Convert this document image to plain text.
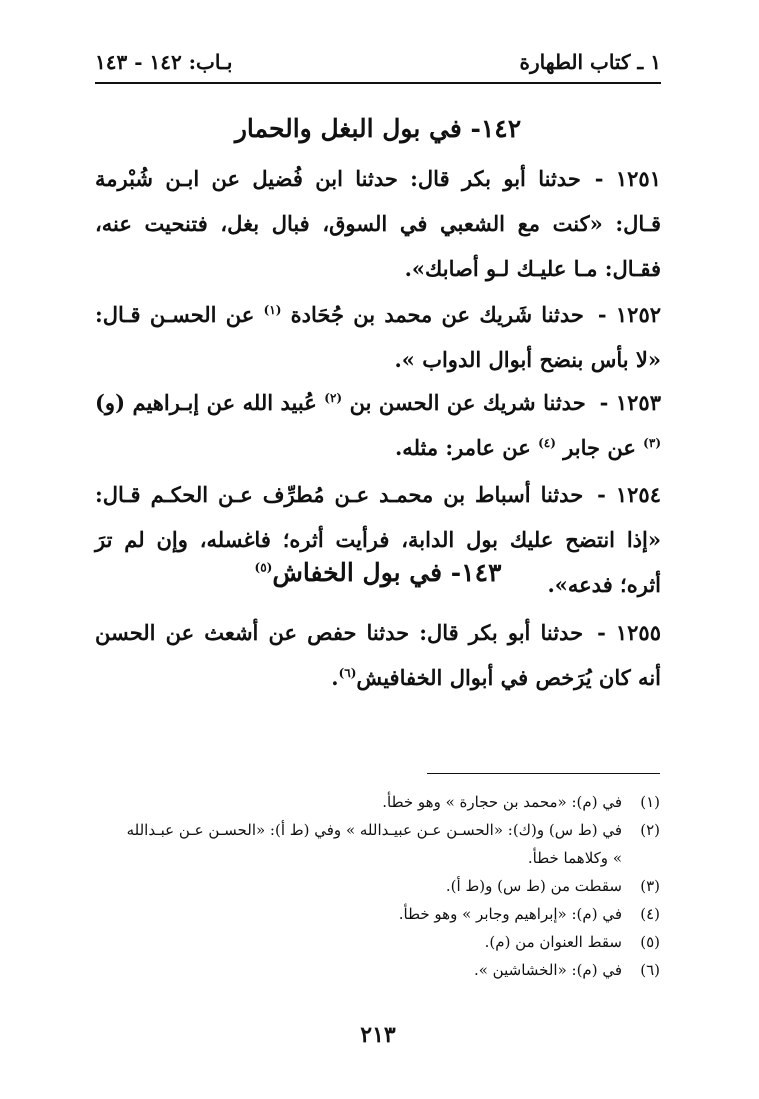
١ ـ كتاب الطهارة
بـاب: ١٤٢ - ١٤٣
١٤٢- في بول البغل والحمار
١٢٥١ -حدثنا أبو بكر قال: حدثنا ابن فُضيل عن ابـن شُبْرمة قـال: «كنت مع الشعبي في السوق، فبال بغل، فتنحيت عنه، فقـال: مـا عليـك لـو أصابك».
١٢٥٢ -حدثنا شَريك عن محمد بن جُحَادة $^{(١)}$ عن الحسـن قـال: «لا بأس بنضح أبوال الدواب ».
١٢٥٣ -حدثنا شريك عن الحسن بن $^{(٢)}$ عُبيد الله عن إبـراهيم (و)$^{(٣)}$ عن جابر $^{(٤)}$ عن عامر: مثله.
١٢٥٤ -حدثنا أسباط بن محمـد عـن مُطرِّف عـن الحكـم قـال: «إذا انتضح عليك بول الدابة، فرأيت أثره؛ فاغسله، وإن لم ترَ أثره؛ فدعه».
١٤٣- في بول الخفاش$^{(٥)}$
١٢٥٥ -حدثنا أبو بكر قال: حدثنا حفص عن أشعث عن الحسن أنه كان يُرَخص في أبوال الخفافيش$^{(٦)}$.
(١)
في (م): «محمد بن حجارة » وهو خطأ.
(٢)
في (ط س) و(ك): «الحسـن عـن عبيـدالله » وفي (ط أ): «الحسـن عـن عبـدالله » وكلاهما خطأ.
(٣)
سقطت من (ط س) و(ط أ).
(٤)
في (م): «إبراهيم وجابر » وهو خطأ.
(٥)
سقط العنوان من (م).
(٦)
في (م): «الخشاشين ».
٢١٣
